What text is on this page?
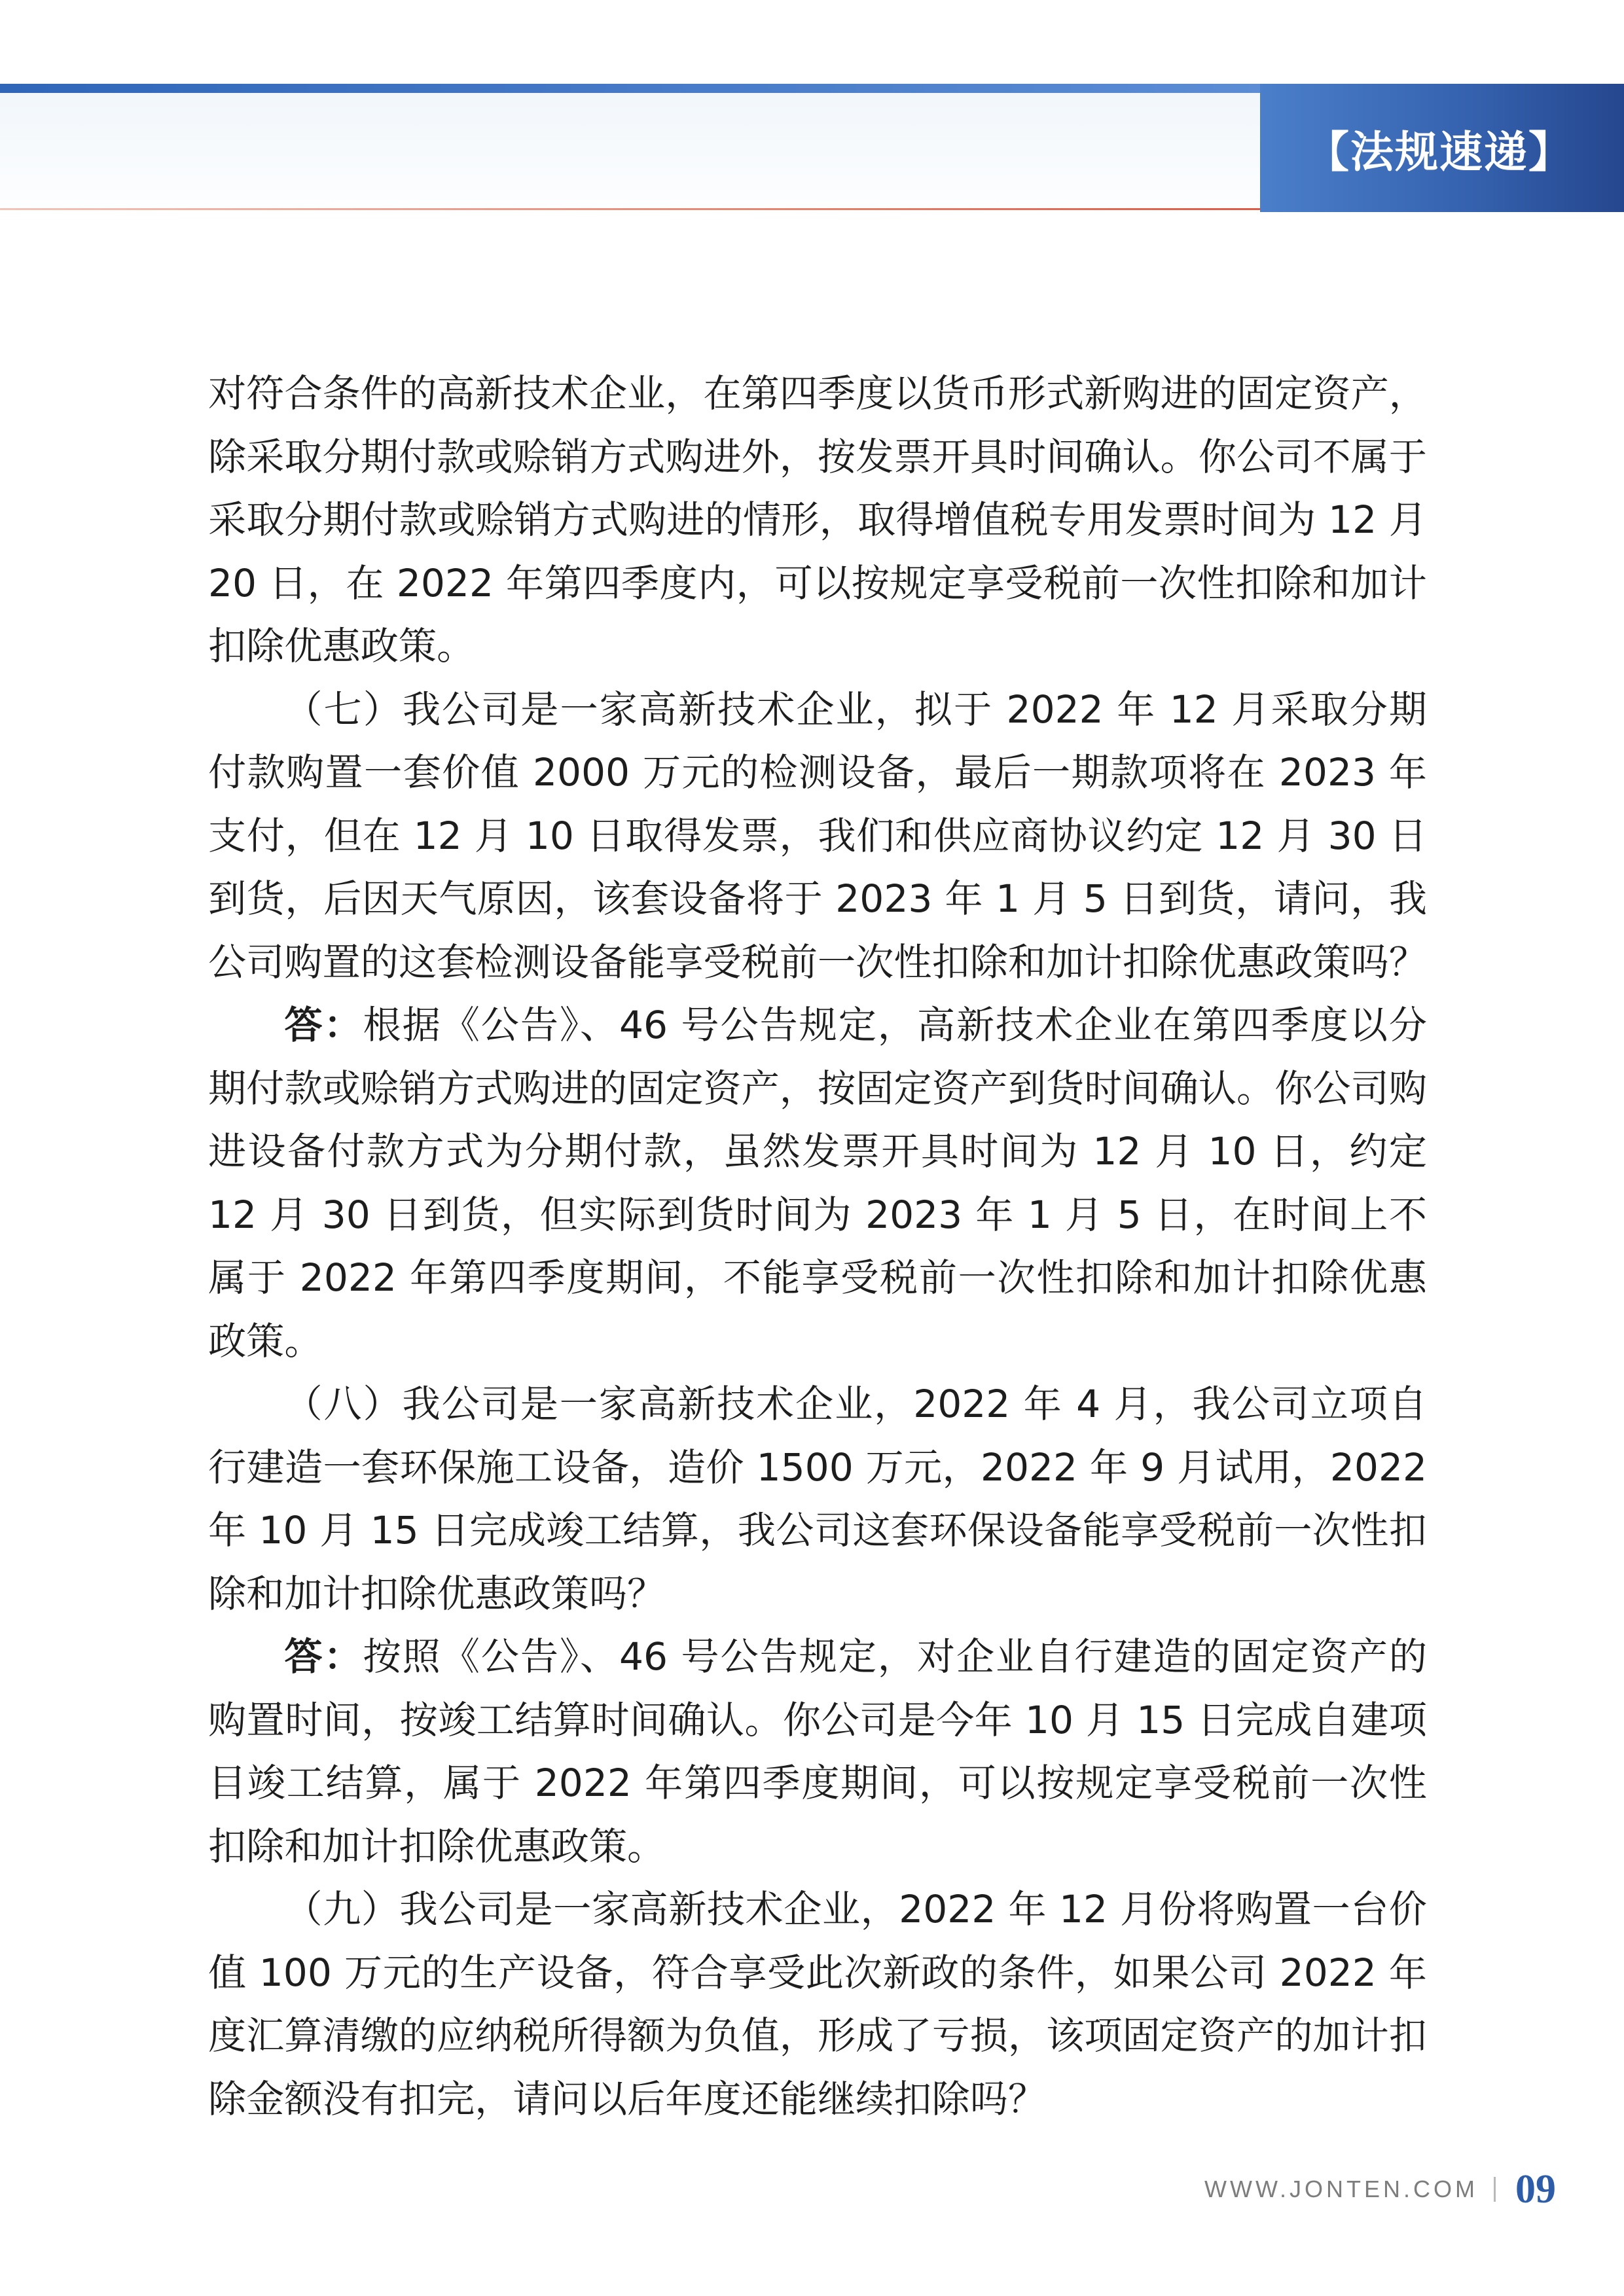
【法规速递】

对符合条件的高新技术企业，在第四季度以货币形式新购进的固定资产，除采取分期付款或赊销方式购进外，按发票开具时间确认。你公司不属于采取分期付款或赊销方式购进的情形，取得增值税专用发票时间为 12 月 20 日，在 2022 年第四季度内，可以按规定享受税前一次性扣除和加计扣除优惠政策。

（七）我公司是一家高新技术企业，拟于 2022 年 12 月采取分期付款购置一套价值 2000 万元的检测设备，最后一期款项将在 2023 年支付，但在 12 月 10 日取得发票，我们和供应商协议约定 12 月 30 日到货，后因天气原因，该套设备将于 2023 年 1 月 5 日到货，请问，我公司购置的这套检测设备能享受税前一次性扣除和加计扣除优惠政策吗？

答：根据《公告》、46 号公告规定，高新技术企业在第四季度以分期付款或赊销方式购进的固定资产，按固定资产到货时间确认。你公司购进设备付款方式为分期付款，虽然发票开具时间为 12 月 10 日，约定 12 月 30 日到货，但实际到货时间为 2023 年 1 月 5 日，在时间上不属于 2022 年第四季度期间，不能享受税前一次性扣除和加计扣除优惠政策。

（八）我公司是一家高新技术企业，2022 年 4 月，我公司立项自行建造一套环保施工设备，造价 1500 万元，2022 年 9 月试用，2022 年 10 月 15 日完成竣工结算，我公司这套环保设备能享受税前一次性扣除和加计扣除优惠政策吗？

答：按照《公告》、46 号公告规定，对企业自行建造的固定资产的购置时间，按竣工结算时间确认。你公司是今年 10 月 15 日完成自建项目竣工结算，属于 2022 年第四季度期间，可以按规定享受税前一次性扣除和加计扣除优惠政策。

（九）我公司是一家高新技术企业，2022 年 12 月份将购置一台价值 100 万元的生产设备，符合享受此次新政的条件，如果公司 2022 年度汇算清缴的应纳税所得额为负值，形成了亏损，该项固定资产的加计扣除金额没有扣完，请问以后年度还能继续扣除吗？

WWW.JONTEN.COM 09
